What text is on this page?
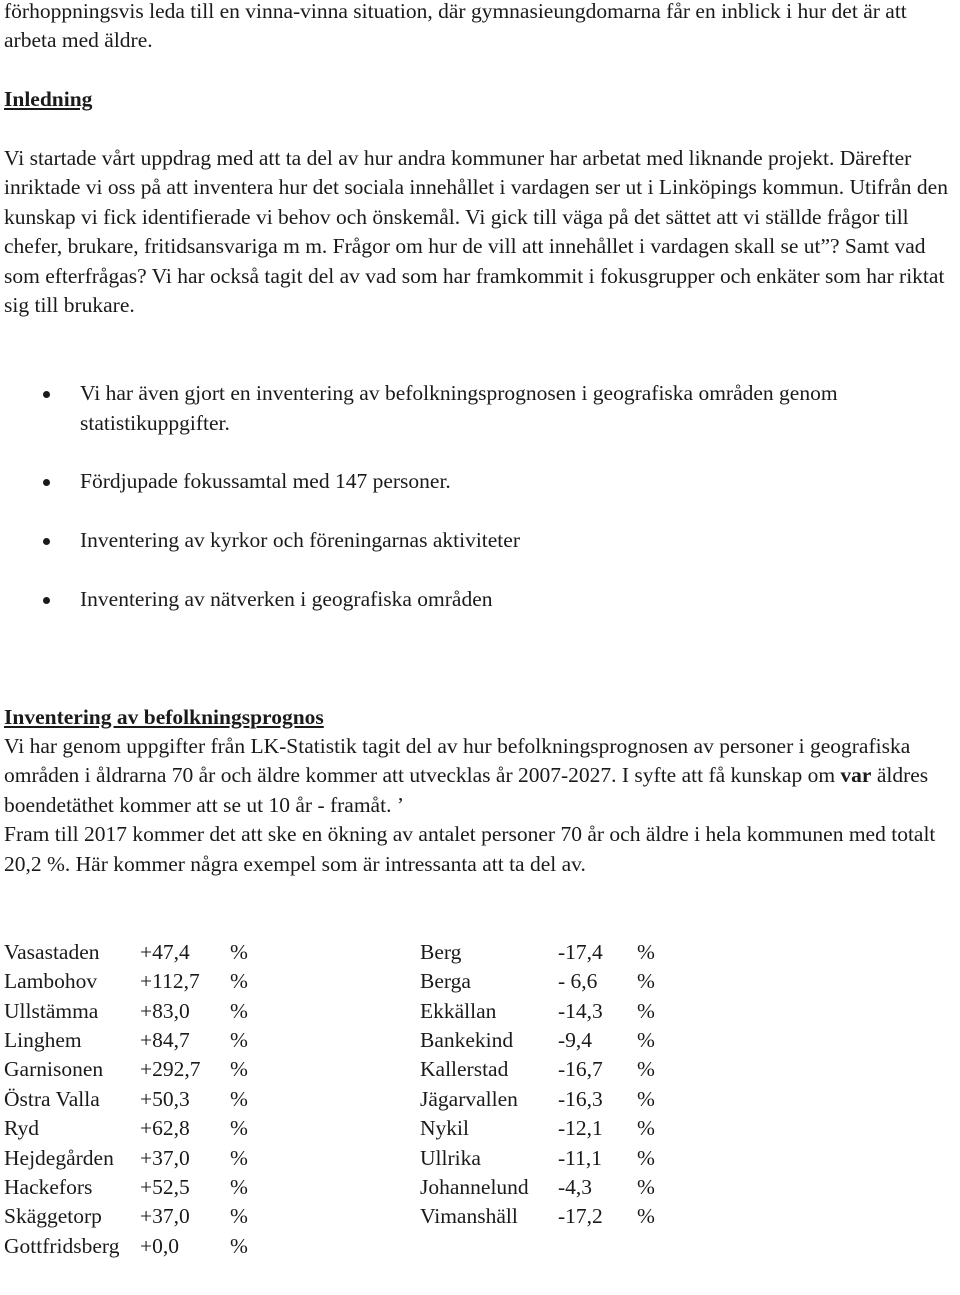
förhoppningsvis leda till en vinna-vinna situation, där gymnasieungdomarna får en inblick i hur det är att arbeta med äldre.

Inledning

Vi startade vårt uppdrag med att ta del av hur andra kommuner har arbetat med liknande projekt. Därefter inriktade vi oss på att inventera hur det sociala innehållet i vardagen ser ut i Linköpings kommun. Utifrån den kunskap vi fick identifierade vi behov och önskemål. Vi gick till väga på det sättet att vi ställde frågor till chefer, brukare, fritidsansvariga m m. Frågor om hur de vill att innehållet i vardagen skall se ut”? Samt vad som efterfrågas? Vi har också tagit del av vad som har framkommit i fokusgrupper och enkäter som har riktat sig till brukare.

Vi har även gjort en inventering av befolkningsprognosen i geografiska områden genom statistikuppgifter.
Fördjupade fokussamtal med 147 personer.
Inventering av kyrkor och föreningarnas aktiviteter
Inventering av nätverken i geografiska områden

Inventering av befolkningsprognos

Vi har genom uppgifter från LK-Statistik tagit del av hur befolkningsprognosen av personer i geografiska områden i åldrarna 70 år och äldre kommer att utvecklas år 2007-2027. I syfte att få kunskap om var äldres boendetäthet kommer att se ut 10 år - framåt. ’

Fram till 2017 kommer det att ske en ökning av antalet personer 70 år och äldre i hela kommunen med totalt 20,2 %. Här kommer några exempel som är intressanta att ta del av.

Vasastaden +47,4 %
Lambohov +112,7 %
Ullstämma +83,0 %
Linghem	+84,7 %
Garnisonen +292,7 %
Östra Valla +50,3 %
Ryd	+62,8 %
Hejdegården +37,0 %
Hackefors +52,5 %
Skäggetorp +37,0 %
Gottfridsberg +0,0 %
Berg	-17,4 %
Berga	- 6,6 %
Ekkällan	-14,3 %
Bankekind -9,4 %
Kallerstad -16,7 %
Jägarvallen -16,3 %
Nykil	-12,1 %
Ullrika	-11,1 %
Johannelund -4,3 %
Vimanshäll -17,2 %
